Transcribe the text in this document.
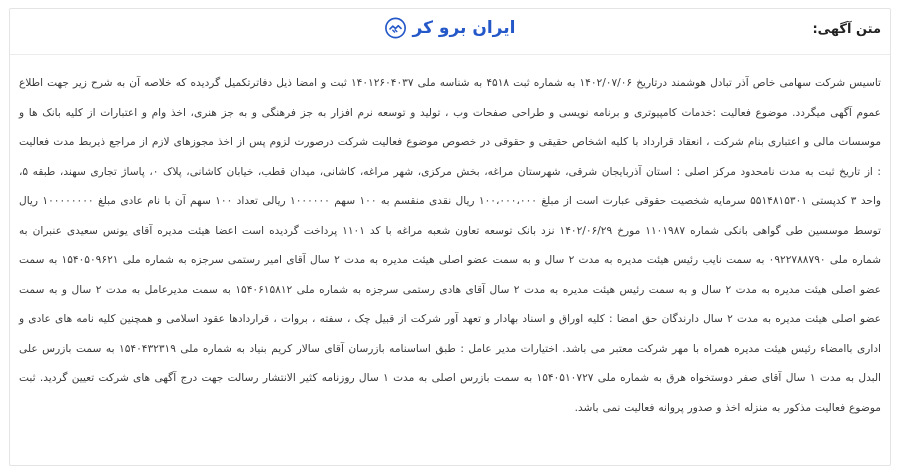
متن آگهی:
ایران برو کر
تاسیس شرکت سهامی خاص آذر تبادل هوشمند درتاریخ ۱۴۰۲/۰۷/۰۶ به شماره ثبت ۴۵۱۸ به شناسه ملی ۱۴۰۱۲۶۰۴۰۳۷ ثبت و امضا ذیل دفاترتکمیل گردیده که خلاصه آن به شرح زیر جهت اطلاع عموم آگهی میگردد. موضوع فعالیت :خدمات کامپیوتری و برنامه نویسی و طراحی صفحات وب ، تولید و توسعه نرم افزار به جز فرهنگی و به جز هنری، اخذ وام و اعتبارات از کلیه بانک ها و موسسات مالی و اعتباری بنام شرکت ، انعقاد قرارداد با کلیه اشخاص حقیقی و حقوقی در خصوص موضوع فعالیت شرکت درصورت لزوم پس از اخذ مجوزهای لازم از مراجع ذیربط مدت فعالیت : از تاریخ ثبت به مدت نامحدود مرکز اصلی : استان آذربایجان شرقی، شهرستان مراغه، بخش مرکزی، شهر مراغه، کاشانی، میدان قطب، خیابان کاشانی، پلاک ۰، پاساژ تجاری سهند، طبقه ۵، واحد ۳ کدپستی ۵۵۱۴۸۱۵۳۰۱ سرمایه شخصیت حقوقی عبارت است از مبلغ ۱۰۰،۰۰۰،۰۰۰ ریال نقدی منقسم به ۱۰۰ سهم ۱۰۰۰۰۰۰ ریالی تعداد ۱۰۰ سهم آن با نام عادی مبلغ ۱۰۰۰۰۰۰۰۰ ریال توسط موسسین طی گواهی بانکی شماره ۱۱۰۱۹۸۷ مورخ ۱۴۰۲/۰۶/۲۹ نزد بانک توسعه تعاون شعبه مراغه با کد ۱۱۰۱ پرداخت گردیده است اعضا هیئت مدیره آقای یونس سعیدی عنبران به شماره ملی ۰۹۲۲۷۸۸۷۹۰ به سمت نایب رئیس هیئت مدیره به مدت ۲ سال و به سمت عضو اصلی هیئت مدیره به مدت ۲ سال آقای امیر رستمی سرجزه به شماره ملی ۱۵۴۰۵۰۹۶۲۱ به سمت عضو اصلی هیئت مدیره به مدت ۲ سال و به سمت رئیس هیئت مدیره به مدت ۲ سال آقای هادی رستمی سرجزه به شماره ملی ۱۵۴۰۶۱۵۸۱۲ به سمت مدیرعامل به مدت ۲ سال و به سمت عضو اصلی هیئت مدیره به مدت ۲ سال دارندگان حق امضا : کلیه اوراق و اسناد بهادار و تعهد آور شرکت از قبیل چک ، سفته ، بروات ، قراردادها عقود اسلامی و همچنین کلیه نامه های عادی و اداری باامضاء رئیس هیئت مدیره همراه با مهر شرکت معتبر می باشد. اختیارات مدیر عامل : طبق اساسنامه بازرسان آقای سالار کریم بنیاد به شماره ملی ۱۵۴۰۴۳۲۳۱۹ به سمت بازرس علی البدل به مدت ۱ سال آقای صفر دوستخواه هرق به شماره ملی ۱۵۴۰۵۱۰۷۲۷ به سمت بازرس اصلی به مدت ۱ سال روزنامه کثیر الانتشار رسالت جهت درج آگهی های شرکت تعیین گردید. ثبت موضوع فعالیت مذکور به منزله اخذ و صدور پروانه فعالیت نمی باشد.
